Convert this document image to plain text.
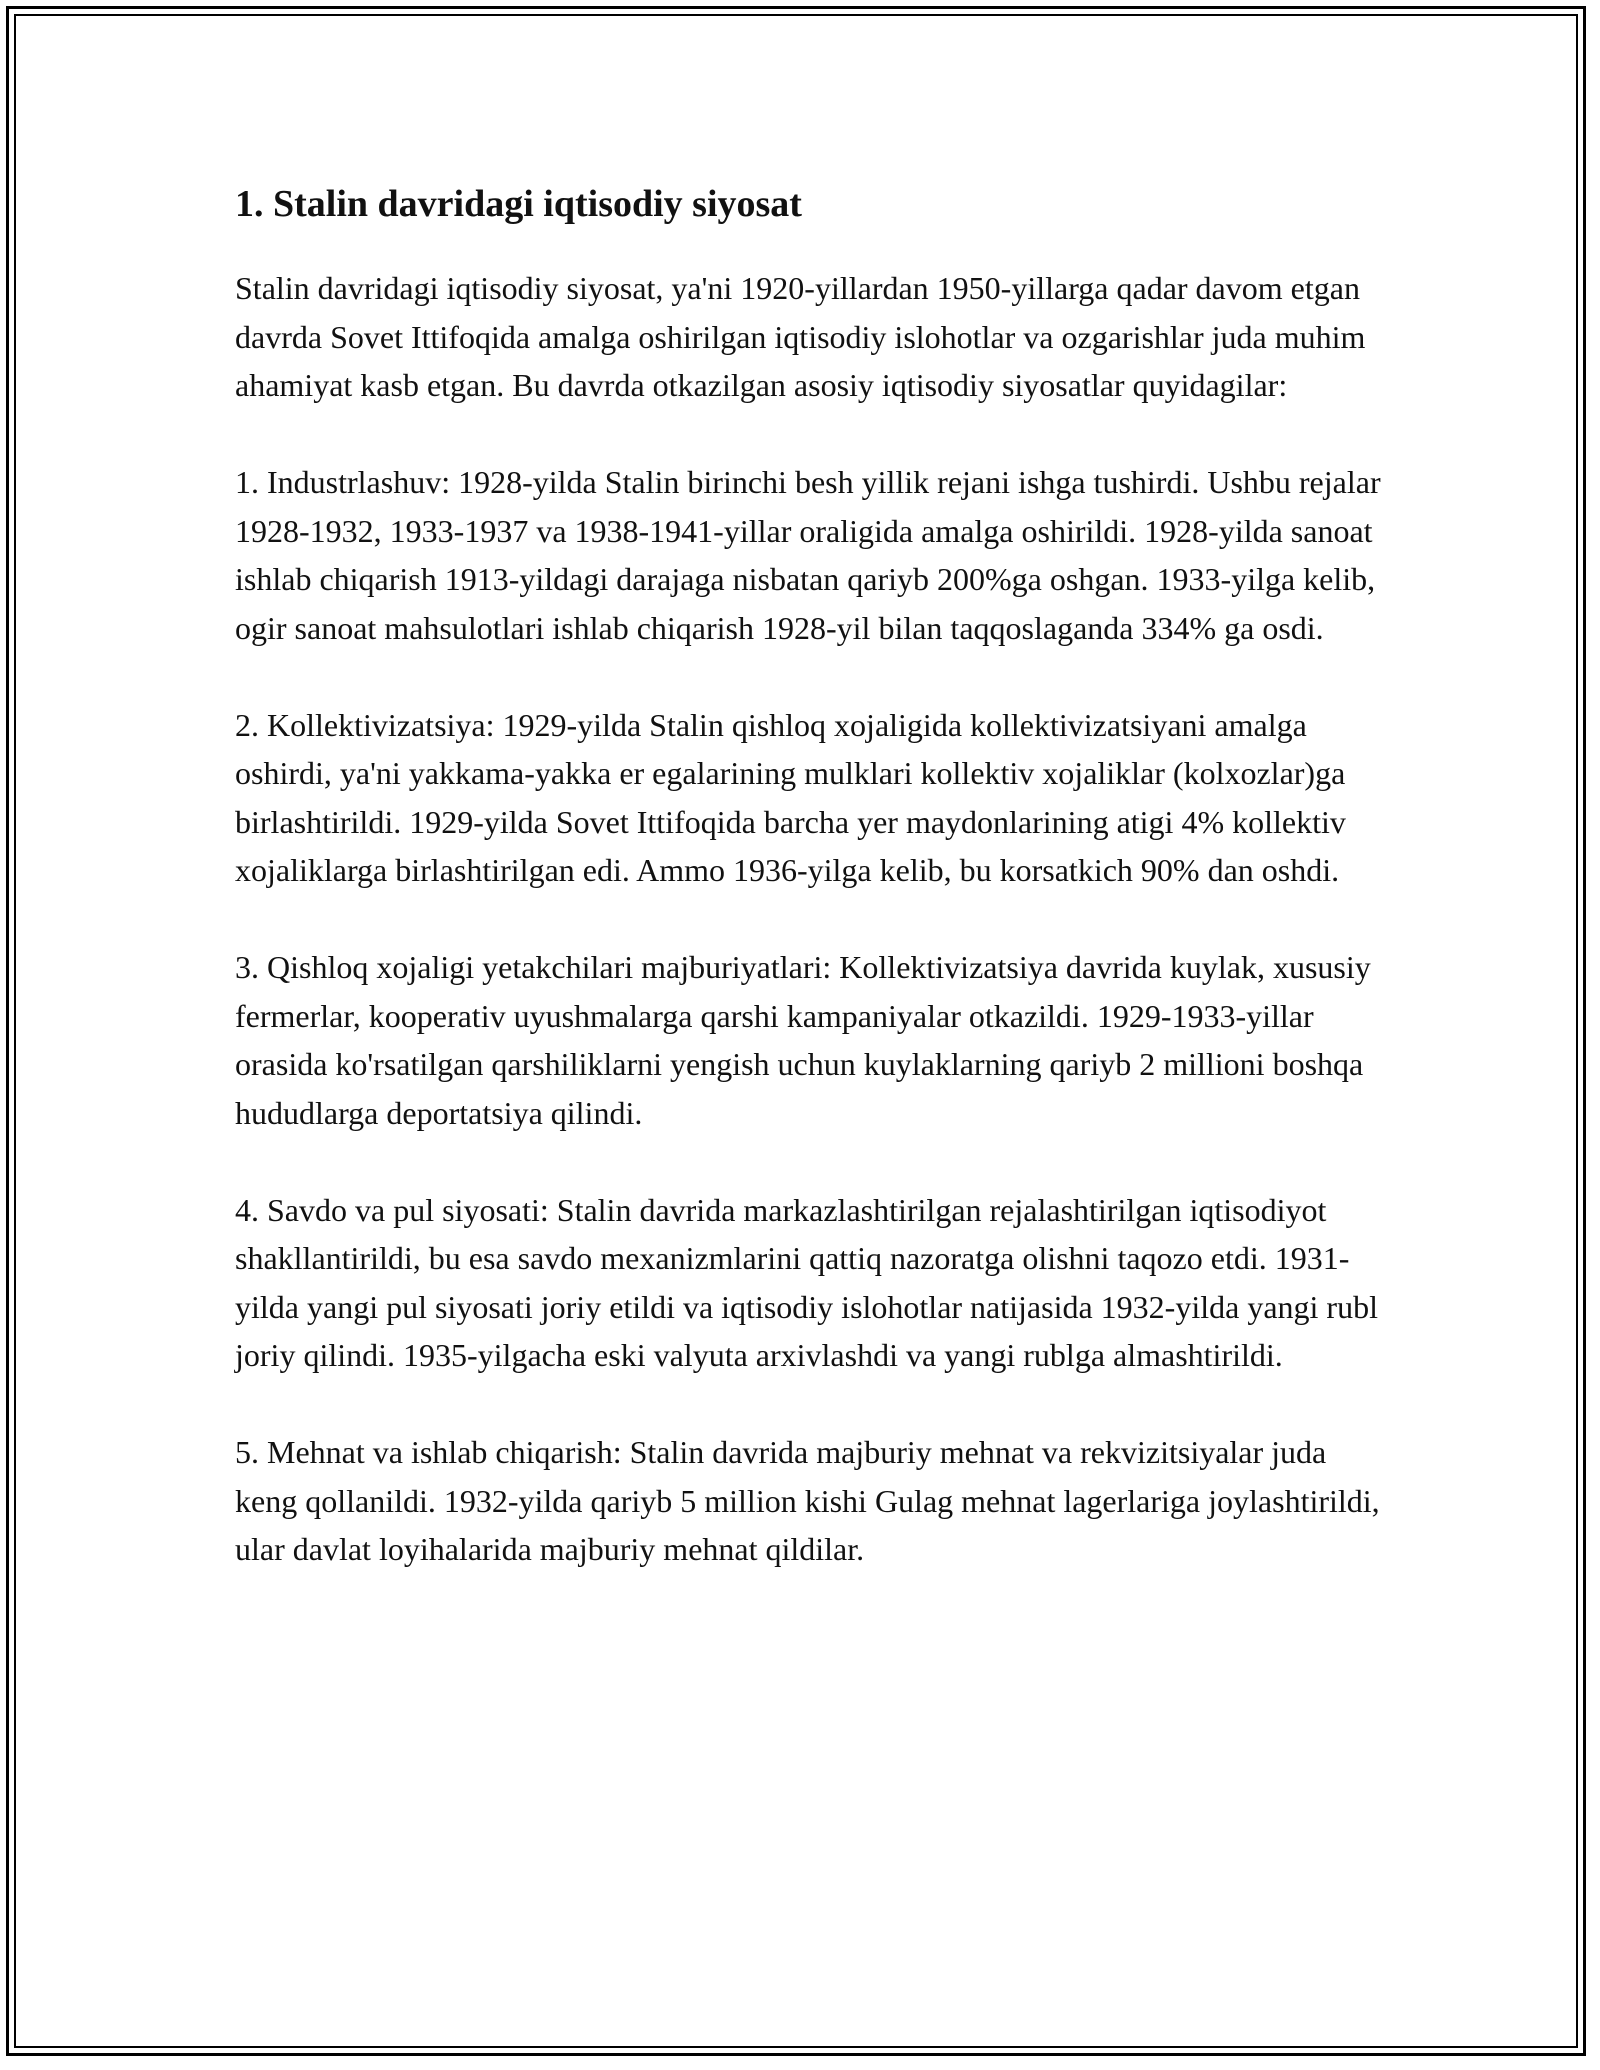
1. Stalin davridagi iqtisodiy siyosat

Stalin davridagi iqtisodiy siyosat, ya'ni 1920-yillardan 1950-yillarga qadar davom etgan davrda Sovet Ittifoqida amalga oshirilgan iqtisodiy islohotlar va ozgarishlar juda muhim ahamiyat kasb etgan. Bu davrda otkazilgan asosiy iqtisodiy siyosatlar quyidagilar:

1. Industrlashuv: 1928-yilda Stalin birinchi besh yillik rejani ishga tushirdi. Ushbu rejalar 1928-1932, 1933-1937 va 1938-1941-yillar oraligida amalga oshirildi. 1928-yilda sanoat ishlab chiqarish 1913-yildagi darajaga nisbatan qariyb 200%ga oshgan. 1933-yilga kelib, ogir sanoat mahsulotlari ishlab chiqarish 1928-yil bilan taqqoslaganda 334% ga osdi.

2. Kollektivizatsiya: 1929-yilda Stalin qishloq xojaligida kollektivizatsiyani amalga oshirdi, ya'ni yakkama-yakka er egalarining mulklari kollektiv xojaliklar (kolxozlar)ga birlashtirildi. 1929-yilda Sovet Ittifoqida barcha yer maydonlarining atigi 4% kollektiv xojaliklarga birlashtirilgan edi. Ammo 1936-yilga kelib, bu korsatkich 90% dan oshdi.

3. Qishloq xojaligi yetakchilari majburiyatlari: Kollektivizatsiya davrida kuylak, xususiy fermerlar, kooperativ uyushmalarga qarshi kampaniyalar otkazildi. 1929-1933-yillar orasida ko'rsatilgan qarshiliklarni yengish uchun kuylaklarning qariyb 2 millioni boshqa hududlarga deportatsiya qilindi.

4. Savdo va pul siyosati: Stalin davrida markazlashtirilgan rejalashtirilgan iqtisodiyot shakllantirildi, bu esa savdo mexanizmlarini qattiq nazoratga olishni taqozo etdi. 1931-yilda yangi pul siyosati joriy etildi va iqtisodiy islohotlar natijasida 1932-yilda yangi rubl joriy qilindi. 1935-yilgacha eski valyuta arxivlashdi va yangi rublga almashtirildi.

5. Mehnat va ishlab chiqarish: Stalin davrida majburiy mehnat va rekvizitsiyalar juda keng qollanildi. 1932-yilda qariyb 5 million kishi Gulag mehnat lagerlariga joylashtirildi, ular davlat loyihalarida majburiy mehnat qildilar.
